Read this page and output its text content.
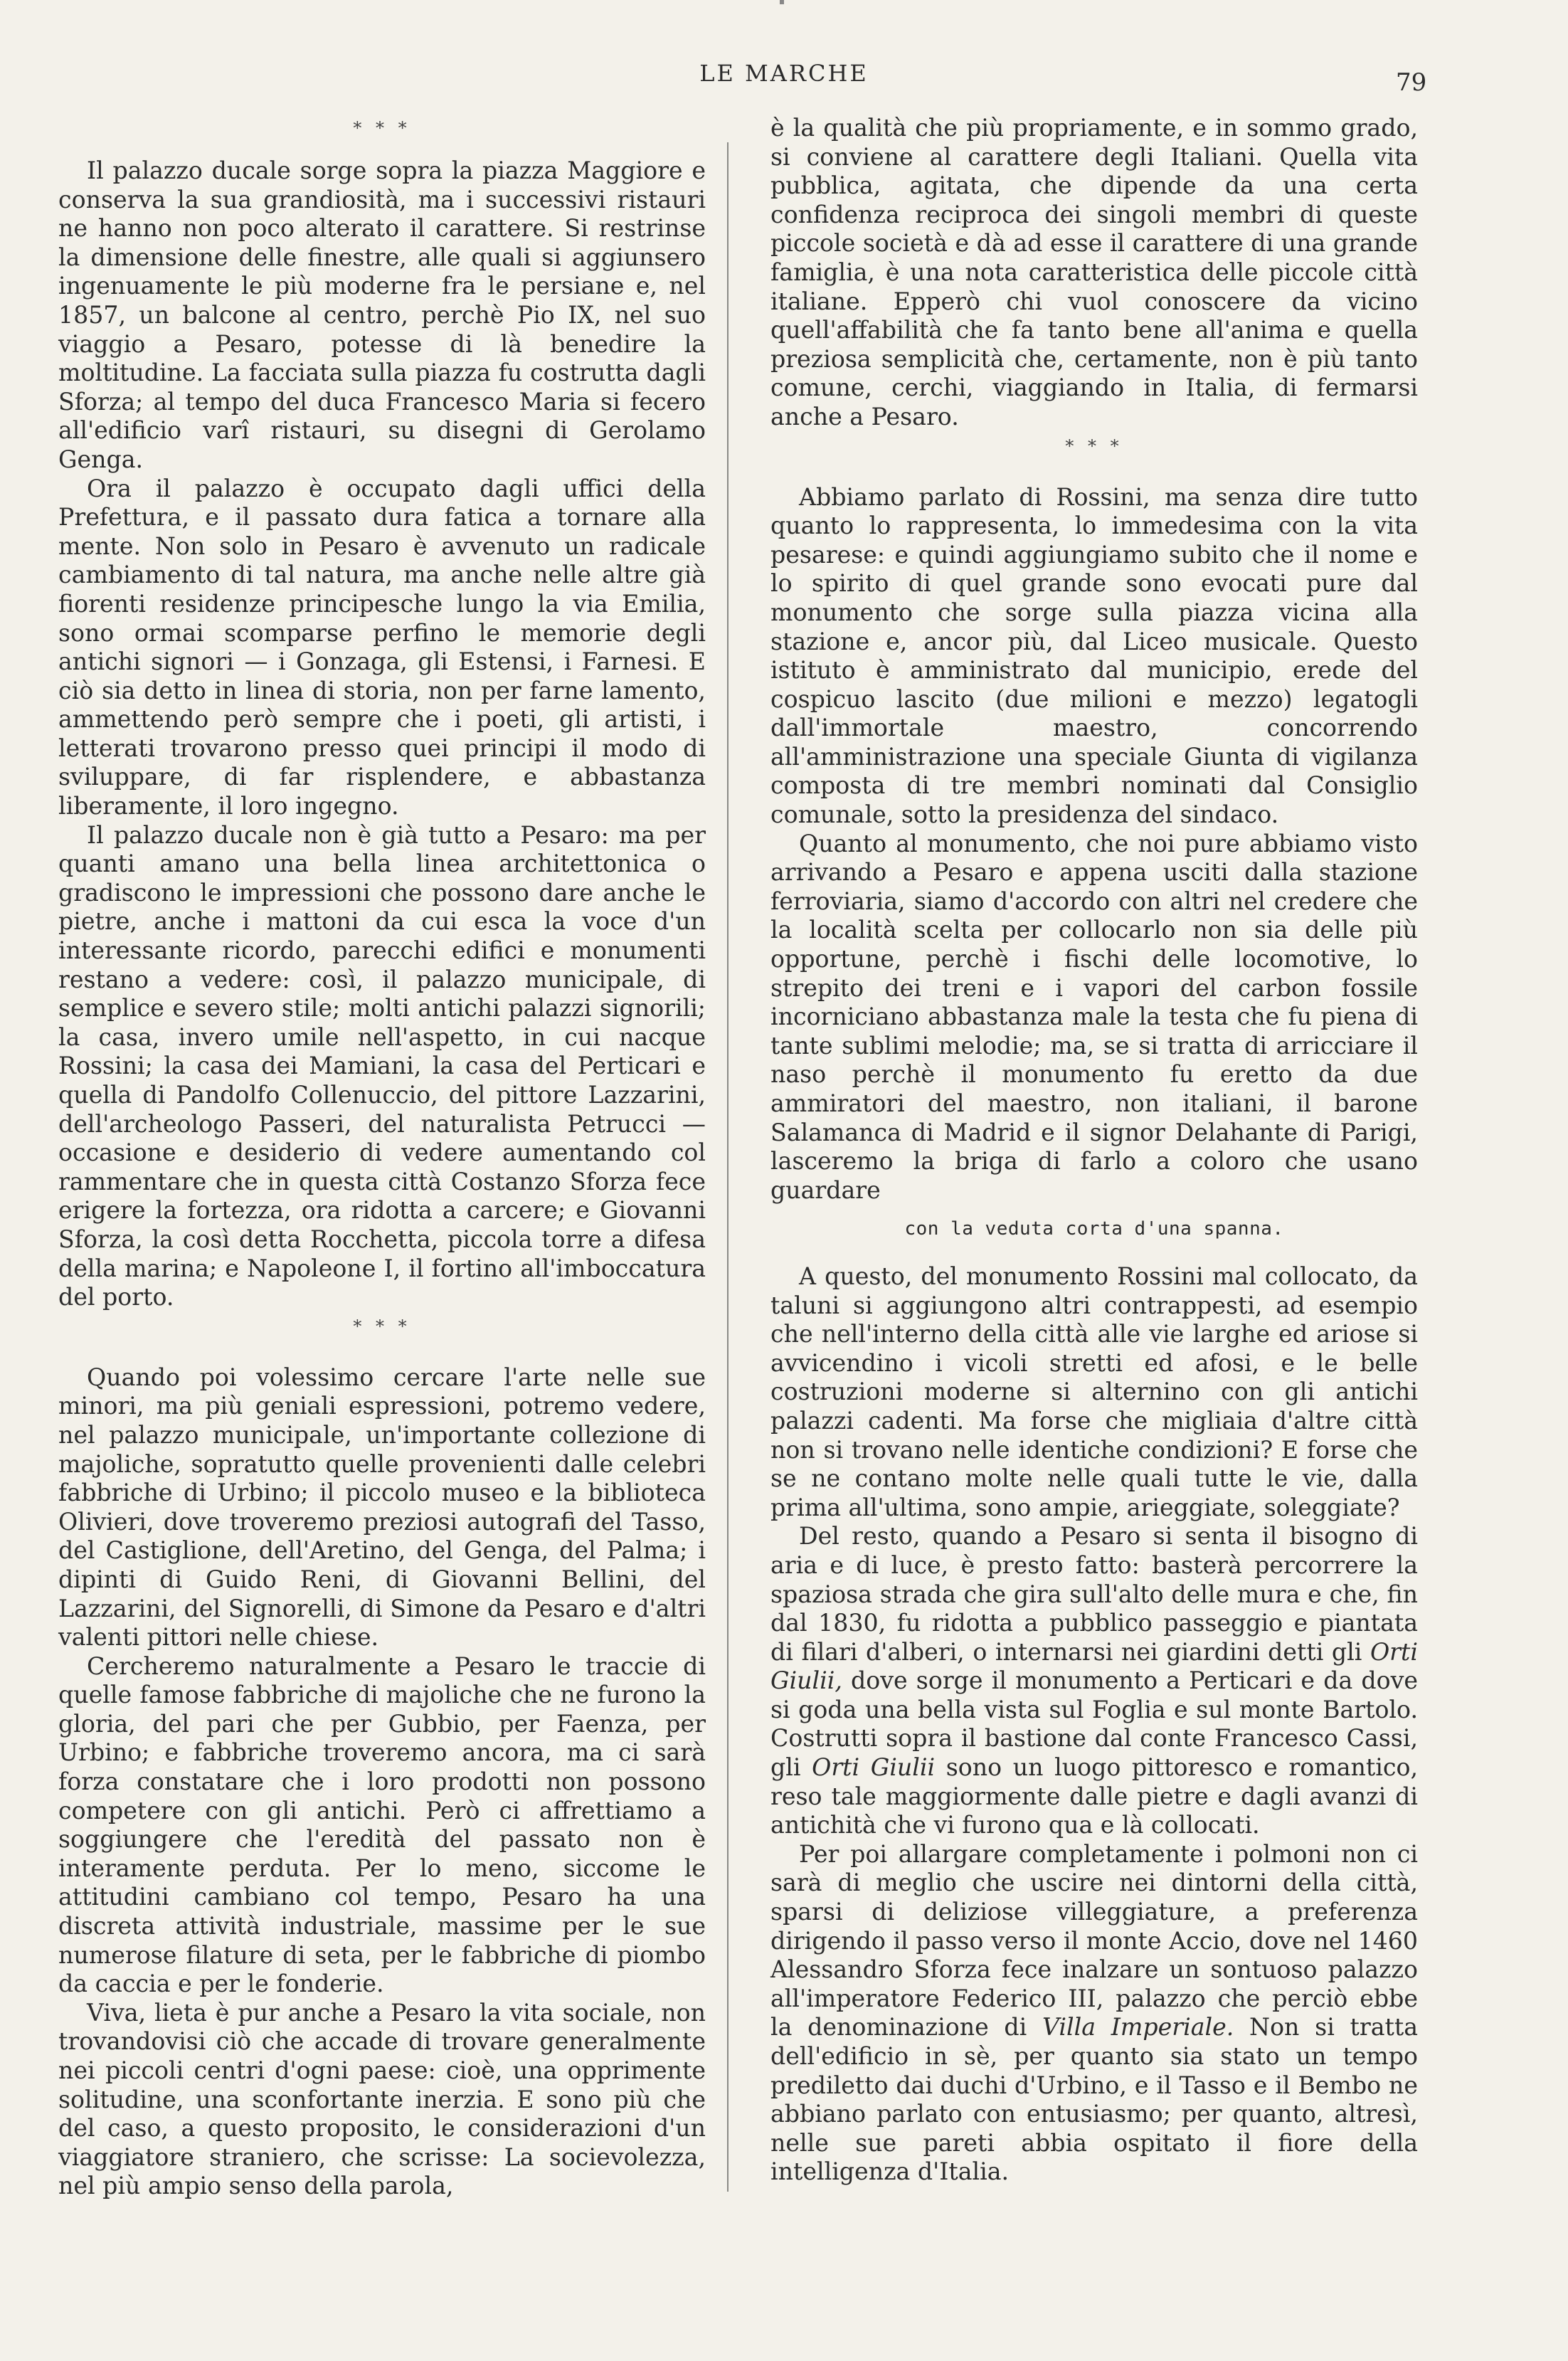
LE MARCHE	79
* * *

Il palazzo ducale sorge sopra la piazza Maggiore e conserva la sua grandiosità, ma i successivi ristauri ne hanno non poco alterato il carattere. Si restrinse la dimensione delle finestre, alle quali si aggiunsero ingenuamente le più moderne fra le persiane e, nel 1857, un balcone al centro, perchè Pio IX, nel suo viaggio a Pesaro, potesse di là benedire la moltitudine. La facciata sulla piazza fu costrutta dagli Sforza; al tempo del duca Francesco Maria si fecero all'edificio varî ristauri, su disegni di Gerolamo Genga.

Ora il palazzo è occupato dagli uffici della Prefettura, e il passato dura fatica a tornare alla mente. Non solo in Pesaro è avvenuto un radicale cambiamento di tal natura, ma anche nelle altre già fiorenti residenze principesche lungo la via Emilia, sono ormai scomparse perfino le memorie degli antichi signori — i Gonzaga, gli Estensi, i Farnesi. E ciò sia detto in linea di storia, non per farne lamento, ammettendo però sempre che i poeti, gli artisti, i letterati trovarono presso quei principi il modo di sviluppare, di far risplendere, e abbastanza liberamente, il loro ingegno.

Il palazzo ducale non è già tutto a Pesaro: ma per quanti amano una bella linea architettonica o gradiscono le impressioni che possono dare anche le pietre, anche i mattoni da cui esca la voce d'un interessante ricordo, parecchi edifici e monumenti restano a vedere: così, il palazzo municipale, di semplice e severo stile; molti antichi palazzi signorili; la casa, invero umile nell'aspetto, in cui nacque Rossini; la casa dei Mamiani, la casa del Perticari e quella di Pandolfo Collenuccio, del pittore Lazzarini, dell'archeologo Passeri, del naturalista Petrucci — occasione e desiderio di vedere aumentando col rammentare che in questa città Costanzo Sforza fece erigere la fortezza, ora ridotta a carcere; e Giovanni Sforza, la così detta Rocchetta, piccola torre a difesa della marina; e Napoleone I, il fortino all'imboccatura del porto.

* * *

Quando poi volessimo cercare l'arte nelle sue minori, ma più geniali espressioni, potremo vedere, nel palazzo municipale, un'importante collezione di majoliche, sopratutto quelle provenienti dalle celebri fabbriche di Urbino; il piccolo museo e la biblioteca Olivieri, dove troveremo preziosi autografi del Tasso, del Castiglione, dell'Aretino, del Genga, del Palma; i dipinti di Guido Reni, di Giovanni Bellini, del Lazzarini, del Signorelli, di Simone da Pesaro e d'altri valenti pittori nelle chiese.

Cercheremo naturalmente a Pesaro le traccie di quelle famose fabbriche di majoliche che ne furono la gloria, del pari che per Gubbio, per Faenza, per Urbino; e fabbriche troveremo ancora, ma ci sarà forza constatare che i loro prodotti non possono competere con gli antichi. Però ci affrettiamo a soggiungere che l'eredità del passato non è interamente perduta. Per lo meno, siccome le attitudini cambiano col tempo, Pesaro ha una discreta attività industriale, massime per le sue numerose filature di seta, per le fabbriche di piombo da caccia e per le fonderie.

Viva, lieta è pur anche a Pesaro la vita sociale, non trovandovisi ciò che accade di trovare generalmente nei piccoli centri d'ogni paese: cioè, una opprimente solitudine, una sconfortante inerzia. E sono più che del caso, a questo proposito, le considerazioni d'un viaggiatore straniero, che scrisse: La socievolezza, nel più ampio senso della parola,

è la qualità che più propriamente, e in sommo grado, si conviene al carattere degli Italiani. Quella vita pubblica, agitata, che dipende da una certa confidenza reciproca dei singoli membri di queste piccole società e dà ad esse il carattere di una grande famiglia, è una nota caratteristica delle piccole città italiane. Epperò chi vuol conoscere da vicino quell'affabilità che fa tanto bene all'anima e quella preziosa semplicità che, certamente, non è più tanto comune, cerchi, viaggiando in Italia, di fermarsi anche a Pesaro.

* * *

Abbiamo parlato di Rossini, ma senza dire tutto quanto lo rappresenta, lo immedesima con la vita pesarese: e quindi aggiungiamo subito che il nome e lo spirito di quel grande sono evocati pure dal monumento che sorge sulla piazza vicina alla stazione e, ancor più, dal Liceo musicale. Questo istituto è amministrato dal municipio, erede del cospicuo lascito (due milioni e mezzo) legatogli dall'immortale maestro, concorrendo all'amministrazione una speciale Giunta di vigilanza composta di tre membri nominati dal Consiglio comunale, sotto la presidenza del sindaco.

Quanto al monumento, che noi pure abbiamo visto arrivando a Pesaro e appena usciti dalla stazione ferroviaria, siamo d'accordo con altri nel credere che la località scelta per collocarlo non sia delle più opportune, perchè i fischi delle locomotive, lo strepito dei treni e i vapori del carbon fossile incorniciano abbastanza male la testa che fu piena di tante sublimi melodie; ma, se si tratta di arricciare il naso perchè il monumento fu eretto da due ammiratori del maestro, non italiani, il barone Salamanca di Madrid e il signor Delahante di Parigi, lasceremo la briga di farlo a coloro che usano guardare

con la veduta corta d'una spanna.

A questo, del monumento Rossini mal collocato, da taluni si aggiungono altri contrappesti, ad esempio che nell'interno della città alle vie larghe ed ariose si avvicendino i vicoli stretti ed afosi, e le belle costruzioni moderne si alternino con gli antichi palazzi cadenti. Ma forse che migliaia d'altre città non si trovano nelle identiche condizioni? E forse che se ne contano molte nelle quali tutte le vie, dalla prima all'ultima, sono ampie, arieggiate, soleggiate?

Del resto, quando a Pesaro si senta il bisogno di aria e di luce, è presto fatto: basterà percorrere la spaziosa strada che gira sull'alto delle mura e che, fin dal 1830, fu ridotta a pubblico passeggio e piantata di filari d'alberi, o internarsi nei giardini detti gli Orti Giulii, dove sorge il monumento a Perticari e da dove si goda una bella vista sul Foglia e sul monte Bartolo. Costrutti sopra il bastione dal conte Francesco Cassi, gli Orti Giulii sono un luogo pittoresco e romantico, reso tale maggiormente dalle pietre e dagli avanzi di antichità che vi furono qua e là collocati.

Per poi allargare completamente i polmoni non ci sarà di meglio che uscire nei dintorni della città, sparsi di deliziose villeggiature, a preferenza dirigendo il passo verso il monte Accio, dove nel 1460 Alessandro Sforza fece inalzare un sontuoso palazzo all'imperatore Federico III, palazzo che perciò ebbe la denominazione di Villa Imperiale. Non si tratta dell'edificio in sè, per quanto sia stato un tempo prediletto dai duchi d'Urbino, e il Tasso e il Bembo ne abbiano parlato con entusiasmo; per quanto, altresì, nelle sue pareti abbia ospitato il fiore della intelligenza d'Italia.
